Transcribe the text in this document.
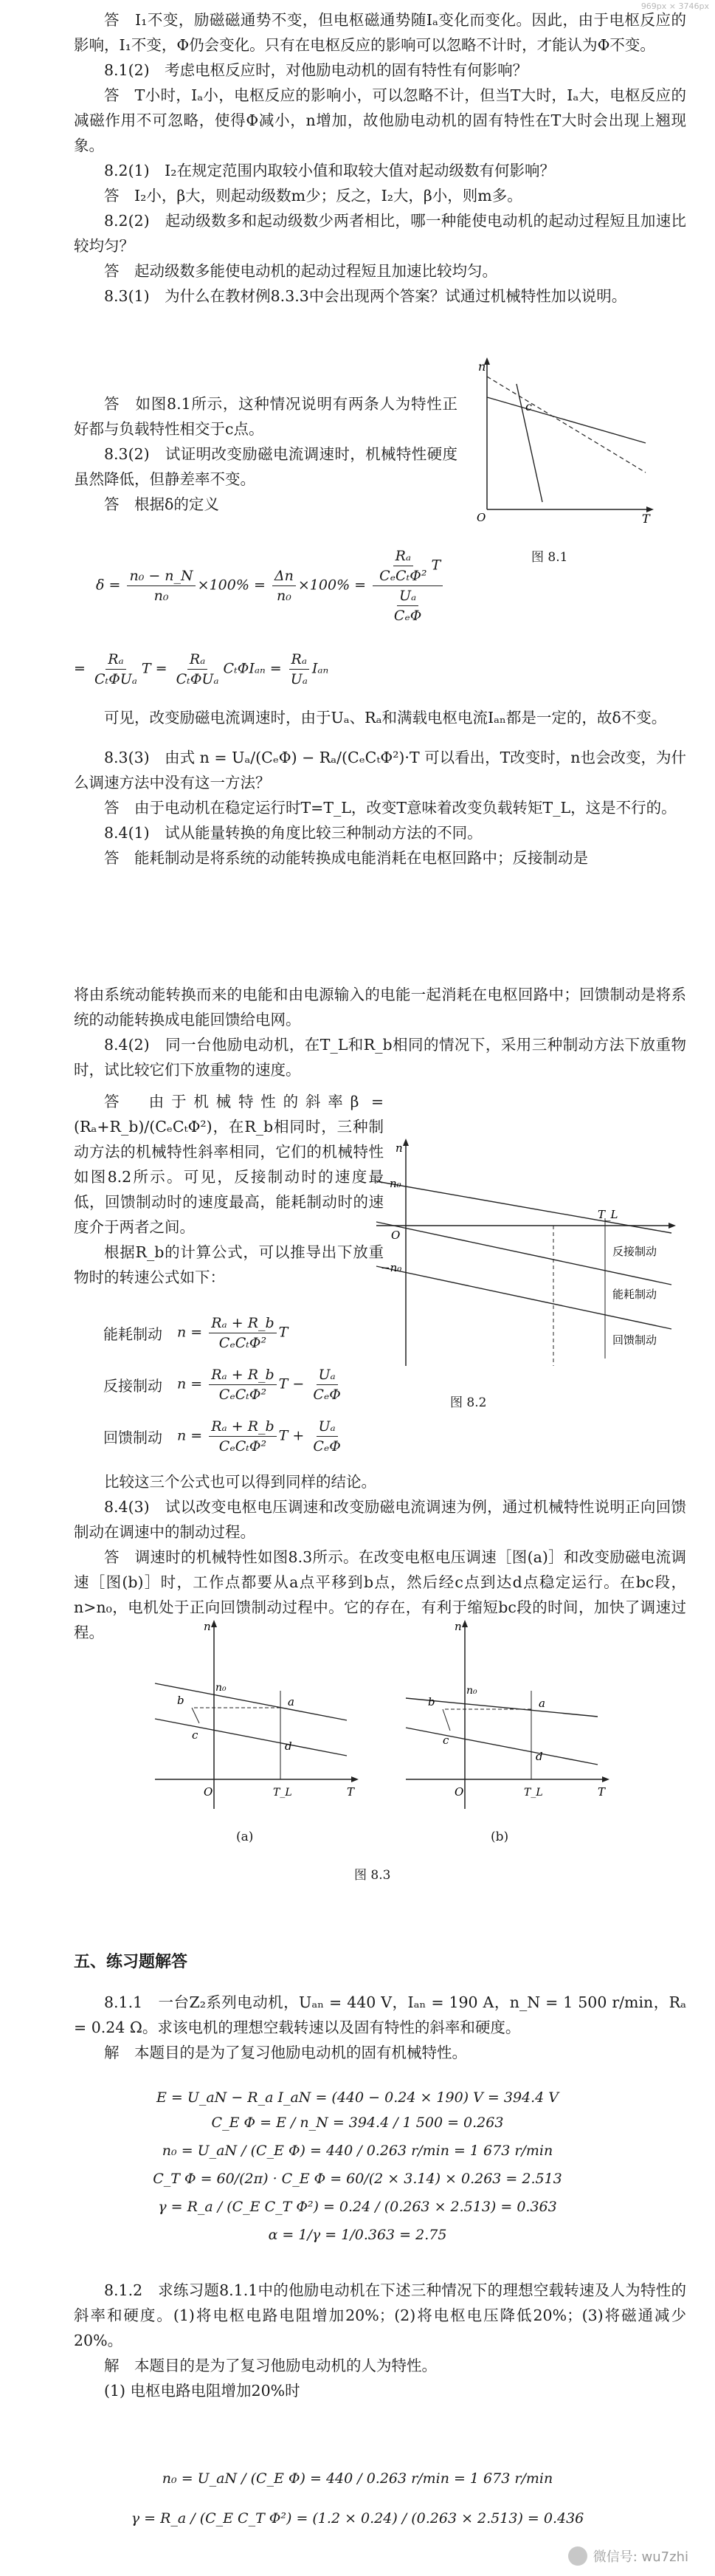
969px × 3746px

答　I₁不变，励磁磁通势不变，但电枢磁通势随Iₐ变化而变化。因此，由于电枢反应的影响，I₁不变，Φ仍会变化。只有在电枢反应的影响可以忽略不计时，才能认为Φ不变。

8.1(2)　考虑电枢反应时，对他励电动机的固有特性有何影响？

答　T小时，Iₐ小，电枢反应的影响小，可以忽略不计，但当T大时，Iₐ大，电枢反应的减磁作用不可忽略，使得Φ减小，n增加，故他励电动机的固有特性在T大时会出现上翘现象。

8.2(1)　I₂在规定范围内取较小值和取较大值对起动级数有何影响？

答　I₂小，β大，则起动级数m少；反之，I₂大，β小，则m多。

8.2(2)　起动级数多和起动级数少两者相比，哪一种能使电动机的起动过程短且加速比较均匀？

答　起动级数多能使电动机的起动过程短且加速比较均匀。

8.3(1)　为什么在教材例8.3.3中会出现两个答案？试通过机械特性加以说明。

答　如图8.1所示，这种情况说明有两条人为特性正好都与负载特性相交于c点。

8.3(2)　试证明改变励磁电流调速时，机械特性硬度虽然降低，但静差率不变。

答　根据δ的定义

n
c
O	T
图 8.1
$\delta = \frac{\text{n₀ − n\_N}}{\text{n₀}} \times 100\% = \frac{\Delta n}{\text{n₀}} \times 100\% = \frac{\frac{\text{Rₐ}}{\text{CₑCₜΦ²}} T}{\frac{\text{Uₐ}}{\text{CₑΦ}}}$
= $\frac{\text{Rₐ}}{\text{CₜΦUₐ}}$ $T = \frac{\text{Rₐ}}{\text{CₜΦUₐ}}$ $C_t\Phi I_{an} = \frac{\text{Rₐ}}{\text{Uₐ}}$ Iₐₙ

可见，改变励磁电流调速时，由于Uₐ、Rₐ和满载电枢电流Iₐₙ都是一定的，故δ不变。

8.3(3)　由式 n = Uₐ/(CₑΦ) − Rₐ/(CₑCₜΦ²)·T 可以看出，T改变时，n也会改变，为什么调速方法中没有这一方法？

答　由于电动机在稳定运行时T=T_L，改变T意味着改变负载转矩T_L，这是不行的。

8.4(1)　试从能量转换的角度比较三种制动方法的不同。

答　能耗制动是将系统的动能转换成电能消耗在电枢回路中；反接制动是

将由系统动能转换而来的电能和由电源输入的电能一起消耗在电枢回路中；回馈制动是将系统的动能转换成电能回馈给电网。

8.4(2)　同一台他励电动机，在T_L和R_b相同的情况下，采用三种制动方法下放重物时，试比较它们下放重物的速度。

答　由于机械特性的斜率β = (Rₐ+R_b)/(CₑCₜΦ²)，在R_b相同时，三种制动方法的机械特性斜率相同，它们的机械特性如图8.2所示。可见，反接制动时的速度最低，回馈制动时的速度最高，能耗制动时的速度介于两者之间。

根据R_b的计算公式，可以推导出下放重物时的转速公式如下：

n
n₀
O
−n₀
T_L
反接制动
能耗制动
回馈制动
图 8.2
能耗制动	$n = \frac{\text{Rₐ + R\_b}}{\text{CₑCₜΦ²}}$ T
反接制动	$n = \frac{\text{Rₐ + R\_b}}{\text{CₑCₜΦ²}}$ $T - \frac{\text{Uₐ}}{\text{CₑΦ}}$
回馈制动	$n = \frac{\text{Rₐ + R\_b}}{\text{CₑCₜΦ²}}$ $T + \frac{\text{Uₐ}}{\text{CₑΦ}}$

比较这三个公式也可以得到同样的结论。

8.4(3)　试以改变电枢电压调速和改变励磁电流调速为例，通过机械特性说明正向回馈制动在调速中的制动过程。

答　调速时的机械特性如图8.3所示。在改变电枢电压调速［图(a)］和改变励磁电流调速［图(b)］时，工作点都要从a点平移到b点，然后经c点到达d点稳定运行。在bc段，n>n₀，电机处于正向回馈制动过程中。它的存在，有利于缩短bc段的时间，加快了调速过程。	n
n₀
a
b
c
d
O	T_L	T
(a)
n
n₀
a
b
c
d
O	T_L	T
(b)
图 8.3
五、练习题解答

8.1.1　一台Z₂系列电动机，Uₐₙ = 440 V，Iₐₙ = 190 A，n_N = 1 500 r/min，Rₐ = 0.24 Ω。求该电机的理想空载转速以及固有特性的斜率和硬度。

解　本题目的是为了复习他励电动机的固有机械特性。

E = U_aN − R_a I_aN = (440 − 0.24 × 190) V = 394.4 V
C_E Φ = E / n_N = 394.4 / 1 500 = 0.263
n₀ = U_aN / (C_E Φ) = 440 / 0.263 r/min = 1 673 r/min
C_T Φ = 60/(2π) · C_E Φ = 60/(2 × 3.14) × 0.263 = 2.513
γ = R_a / (C_E C_T Φ²) = 0.24 / (0.263 × 2.513) = 0.363
α = 1/γ = 1/0.363 = 2.75

8.1.2　求练习题8.1.1中的他励电动机在下述三种情况下的理想空载转速及人为特性的斜率和硬度。(1)将电枢电路电阻增加20%；(2)将电枢电压降低20%；(3)将磁通减少20%。

解　本题目的是为了复习他励电动机的人为特性。

(1) 电枢电路电阻增加20%时

n₀ = U_aN / (C_E Φ) = 440 / 0.263 r/min = 1 673 r/min
γ = R_a / (C_E C_T Φ²) = (1.2 × 0.24) / (0.263 × 2.513) = 0.436
微信号: wu7zhi
